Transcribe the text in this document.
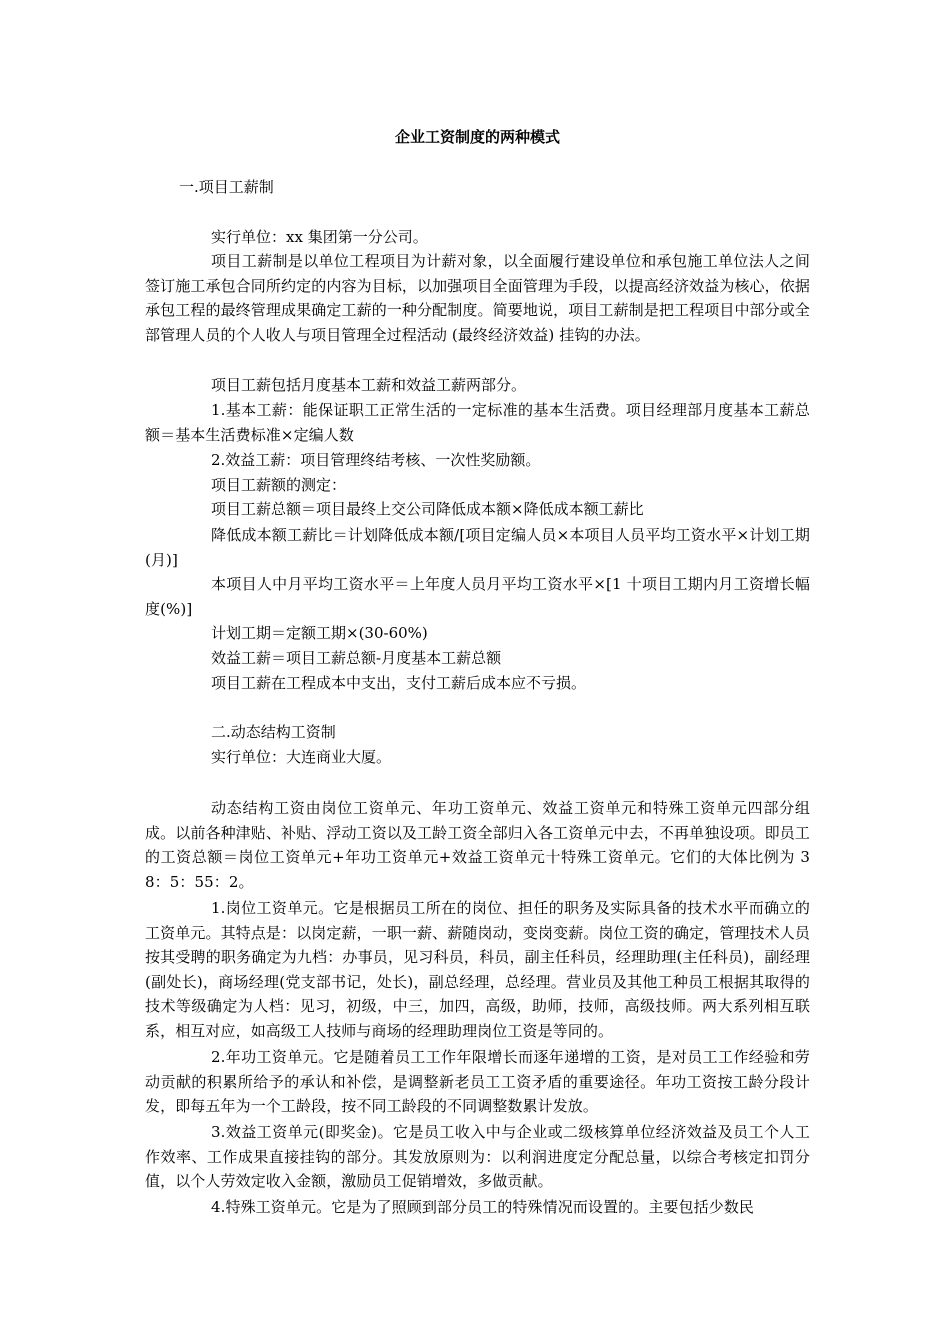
企业工资制度的两种模式
一.项目工薪制
实行单位：xx 集团第一分公司。
项目工薪制是以单位工程项目为计薪对象，以全面履行建设单位和承包施工单位法人之间签订施工承包合同所约定的内容为目标，以加强项目全面管理为手段，以提高经济效益为核心，依据承包工程的最终管理成果确定工薪的一种分配制度。简要地说，项目工薪制是把工程项目中部分或全部管理人员的个人收人与项目管理全过程活动 (最终经济效益) 挂钩的办法。
项目工薪包括月度基本工薪和效益工薪两部分。
1.基本工薪：能保证职工正常生活的一定标准的基本生活费。项目经理部月度基本工薪总额＝基本生活费标准×定编人数
2.效益工薪：项目管理终结考核、一次性奖励额。
项目工薪额的测定：
项目工薪总额＝项目最终上交公司降低成本额×降低成本额工薪比
降低成本额工薪比＝计划降低成本额/[项目定编人员×本项目人员平均工资水平×计划工期(月)]
本项目人中月平均工资水平＝上年度人员月平均工资水平×[1 十项目工期内月工资增长幅度(%)]
计划工期＝定额工期×(30-60%)
效益工薪＝项目工薪总额-月度基本工薪总额
项目工薪在工程成本中支出，支付工薪后成本应不亏损。
二.动态结构工资制
实行单位：大连商业大厦。
动态结构工资由岗位工资单元、年功工资单元、效益工资单元和特殊工资单元四部分组成。以前各种津贴、补贴、浮动工资以及工龄工资全部归入各工资单元中去，不再单独设项。即员工的工资总额＝岗位工资单元+年功工资单元+效益工资单元十特殊工资单元。它们的大体比例为 38：5：55：2。
1.岗位工资单元。它是根据员工所在的岗位、担任的职务及实际具备的技术水平而确立的工资单元。其特点是：以岗定薪，一职一薪、薪随岗动，变岗变薪。岗位工资的确定，管理技术人员按其受聘的职务确定为九档：办事员，见习科员，科员，副主任科员，经理助理(主任科员)，副经理(副处长)，商场经理(党支部书记，处长)，副总经理，总经理。营业员及其他工种员工根据其取得的技术等级确定为人档：见习，初级，中三，加四，高级，助师，技师，高级技师。两大系列相互联系，相互对应，如高级工人技师与商场的经理助理岗位工资是等同的。
2.年功工资单元。它是随着员工工作年限增长而逐年递增的工资，是对员工工作经验和劳动贡献的积累所给予的承认和补偿，是调整新老员工工资矛盾的重要途径。年功工资按工龄分段计发，即每五年为一个工龄段，按不同工龄段的不同调整数累计发放。
3.效益工资单元(即奖金)。它是员工收入中与企业或二级核算单位经济效益及员工个人工作效率、工作成果直接挂钩的部分。其发放原则为：以利润进度定分配总量，以综合考核定扣罚分值，以个人劳效定收入金额，激励员工促销增效，多做贡献。
4.特殊工资单元。它是为了照顾到部分员工的特殊情况而设置的。主要包括少数民
